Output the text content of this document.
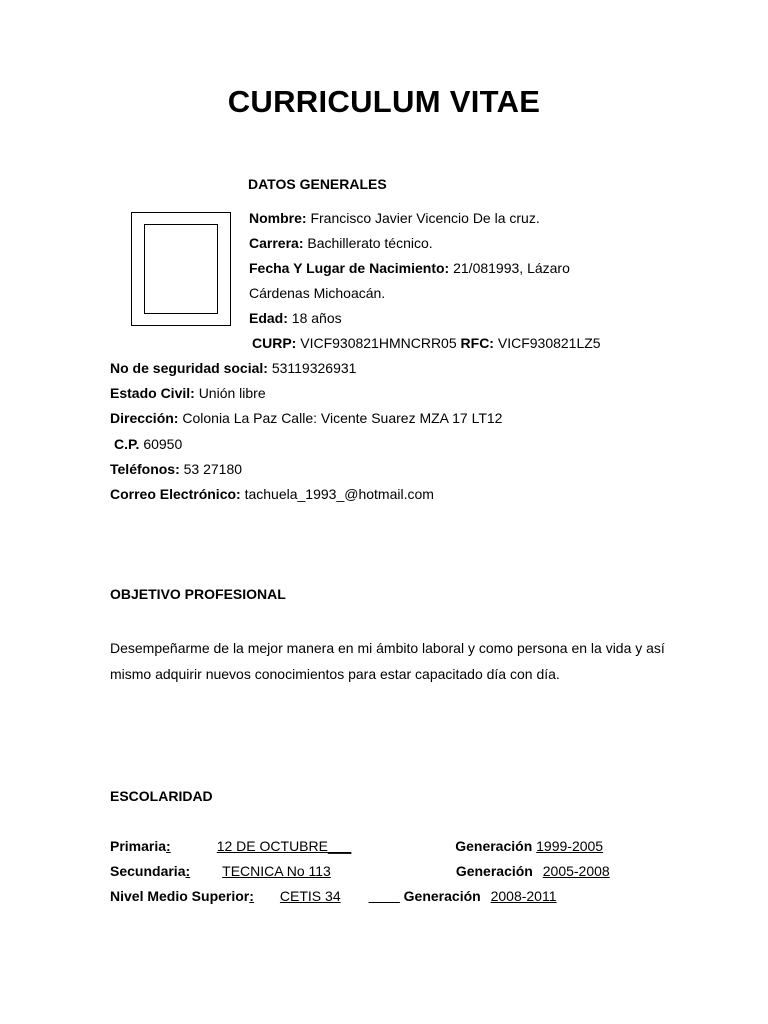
CURRICULUM VITAE
DATOS GENERALES
Nombre: Francisco Javier Vicencio De la cruz.
Carrera: Bachillerato técnico.
Fecha Y Lugar de Nacimiento: 21/081993, Lázaro
Cárdenas Michoacán.
Edad: 18 años
CURP: VICF930821HMNCRR05 RFC: VICF930821LZ5
No de seguridad social: 53119326931
Estado Civil: Unión libre
Dirección: Colonia La Paz Calle: Vicente Suarez MZA 17 LT12
C.P. 60950
Teléfonos: 53 27180
Correo Electrónico: tachuela_1993_@hotmail.com
OBJETIVO PROFESIONAL
Desempeñarme de la mejor manera en mi ámbito laboral y como persona en la vida y así mismo adquirir nuevos conocimientos para estar capacitado día con día.
ESCOLARIDAD
Primaria:	12 DE OCTUBRE___	Generación 1999-2005
Secundaria: TECNICA No 113	Generación 2005-2008
Nivel Medio Superior: CETIS 34 ____ Generación 2008-2011
